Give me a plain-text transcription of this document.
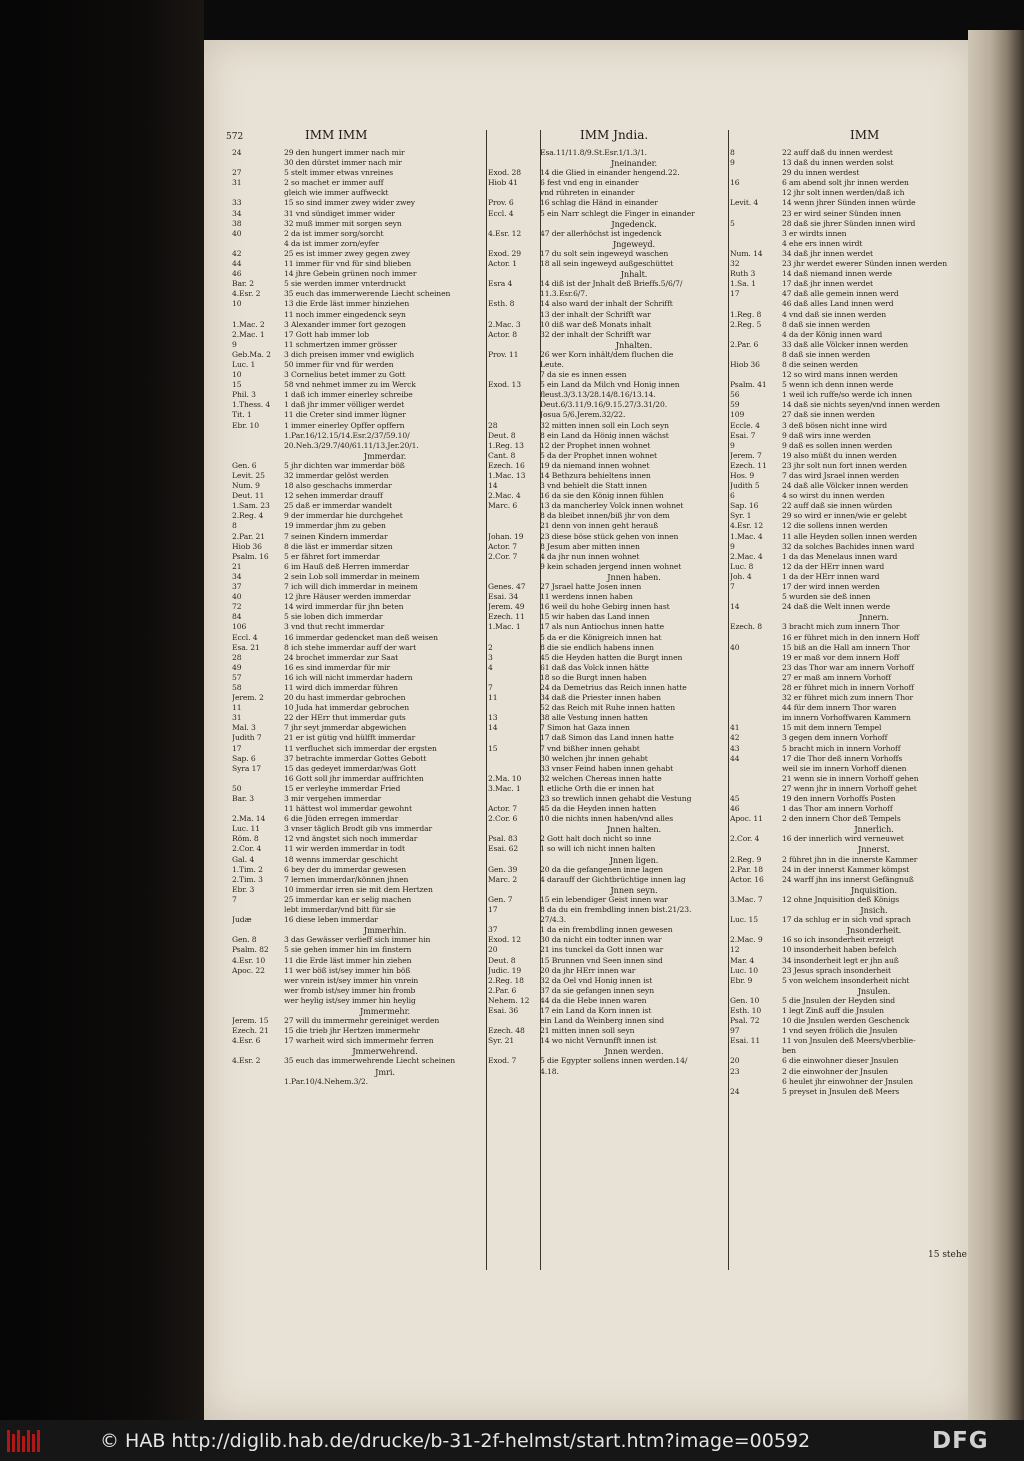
572	IMM IMM	IMM Jndia.	IMM
24	29 den hungert immer nach mir
30 den dürstet immer nach mir
27	5 stelt immer etwas vnreines
31	2 so machet er immer auff
gleich wie immer auffweckt
33	15 so sind immer zwey wider zwey
34	31 vnd sündiget immer wider
38	32 muß immer mit sorgen seyn
40	2 da ist immer sorg/sorcht
4 da ist immer zorn/eyfer
42	25 es ist immer zwey gegen zwey
44	11 immer für vnd für sind blieben
46	14 jhre Gebein grünen noch immer
Bar. 2	5 sie werden immer vnterdruckt
4.Esr. 2	35 euch das immerwerende Liecht scheinen
10	13 die Erde läst immer hinziehen
11 noch immer eingedenck seyn
1.Mac. 2	3 Alexander immer fort gezogen
2.Mac. 1	17 Gott hab immer lob
9	11 schmertzen immer grösser
Geb.Ma. 2	3 dich preisen immer vnd ewiglich
Luc. 1	50 immer für vnd für werden
10	3 Cornelius betet immer zu Gott
15	58 vnd nehmet immer zu im Werck
Phil. 3	1 daß ich immer einerley schreibe
1.Thess. 4	1 daß jhr immer völliger werdet
Tit. 1	11 die Creter sind immer lügner
Ebr. 10	1 immer einerley Opffer opffern
1.Par.16/12.15/14.Esr.2/37/59.10/
20.Neh.3/29.7/40/61.11/13.Jer.20/1.
Jmmerdar.
Gen. 6	5 jhr dichten war immerdar böß
Levit. 25	32 immerdar gelöst werden
Num. 9	18 also geschachs immerdar
Deut. 11	12 sehen immerdar drauff
1.Sam. 23	25 daß er immerdar wandelt
2.Reg. 4	9 der immerdar hie durchgehet
8	19 immerdar jhm zu geben
2.Par. 21	7 seinen Kindern immerdar
Hiob 36	8 die läst er immerdar sitzen
Psalm. 16	5 er fähret fort immerdar
21	6 im Hauß deß Herren immerdar
34	2 sein Lob soll immerdar in meinem
37	7 ich will dich immerdar in meinem
40	12 jhre Häuser werden immerdar
72	14 wird immerdar für jhn beten
84	5 sie loben dich immerdar
106	3 vnd thut recht immerdar
Eccl. 4	16 immerdar gedencket man deß weisen
Esa. 21	8 ich stehe immerdar auff der wart
28	24 brochet immerdar zur Saat
49	16 es sind immerdar für mir
57	16 ich will nicht immerdar hadern
58	11 wird dich immerdar führen
Jerem. 2	20 du hast immerdar gebrochen
11	10 Juda hat immerdar gebrochen
31	22 der HErr thut immerdar guts
Mal. 3	7 jhr seyt jmmerdar abgewichen
Judith 7	21 er ist gütig vnd hülfft immerdar
17	11 verfluchet sich immerdar der ergsten
Sap. 6	37 betrachte immerdar Gottes Gebott
Syra 17	15 das gedeyet immerdar/was Gott
16 Gott soll jhr immerdar auffrichten
50	15 er verleyhe immerdar Fried
Bar. 3	3 mir vergehen immerdar
11 hättest wol immerdar gewohnt
2.Ma. 14	6 die Jüden erregen immerdar
Luc. 11	3 vnser täglich Brodt gib vns immerdar
Röm. 8	12 vnd ängstet sich noch immerdar
2.Cor. 4	11 wir werden immerdar in todt
Gal. 4	18 wenns immerdar geschicht
1.Tim. 2	6 bey der du immerdar gewesen
2.Tim. 3	7 lernen immerdar/können jhnen
Ebr. 3	10 immerdar irren sie mit dem Hertzen
7	25 immerdar kan er selig machen
lebt immerdar/vnd bitt für sie
Judæ	16 diese leben immerdar
Jmmerhin.
Gen. 8	3 das Gewässer verlieff sich immer hin
Psalm. 82	5 sie gehen immer hin im finstern
4.Esr. 10	11 die Erde läst immer hin ziehen
Apoc. 22	11 wer böß ist/sey immer hin böß
wer vnrein ist/sey immer hin vnrein
wer fromb ist/sey immer hin fromb
wer heylig ist/sey immer hin heylig
Jmmermehr.
Jerem. 15	27 will du immermehr gereiniget werden
Ezech. 21	15 die trieb jhr Hertzen immermehr
4.Esr. 6	17 warheit wird sich immermehr ferren
Jmmerwehrend.
4.Esr. 2	35 euch das immerwehrende Liecht scheinen
Jmri.
1.Par.10/4.Nehem.3/2.
Esa.11/11.8/9.St.Esr.1/1.3/1.
Jneinander.
Exod. 28	14 die Glied in einander hengend.22.
Hiob 41	6 fest vnd eng in einander
vnd rühreten in einander
Prov. 6	16 schlag die Händ in einander
Eccl. 4	5 ein Narr schlegt die Finger in einander
Jngedenck.
4.Esr. 12	47 der allerhöchst ist ingedenck
Jngeweyd.
Exod. 29	17 du solt sein ingeweyd waschen
Actor. 1	18 all sein ingeweyd außgeschüttet
Jnhalt.
Esra 4	14 diß ist der Jnhalt deß Brieffs.5/6/7/
11.3.Esr.6/7.
Esth. 8	14 also ward der inhalt der Schrifft
13 der inhalt der Schrifft war
2.Mac. 3	10 diß war deß Monats inhalt
Actor. 8	32 der inhalt der Schrifft war
Jnhalten.
Prov. 11	26 wer Korn inhält/dem fluchen die
Leute.
7 da sie es innen essen
Exod. 13	5 ein Land da Milch vnd Honig innen
fleust.3/3.13/28.14/8.16/13.14.
Deut.6/3.11/9.16/9.15.27/3.31/20.
Josua 5/6.Jerem.32/22.
28	32 mitten innen soll ein Loch seyn
Deut. 8	8 ein Land da Hönig innen wächst
1.Reg. 13	12 der Prophet innen wohnet
Cant. 8	5 da der Prophet innen wohnet
Ezech. 16	19 da niemand innen wohnet
1.Mac. 13	14 Bethzura behieltens innen
14	3 vnd behielt die Statt innen
2.Mac. 4	16 da sie den König innen fühlen
Marc. 6	13 da mancherley Volck innen wohnet
8 da bleibet innen/biß jhr von dem
21 denn von innen geht herauß
Johan. 19	23 diese böse stück gehen von innen
Actor. 7	8 Jesum aber mitten innen
2.Cor. 7	4 da jhr nun innen wohnet
9 kein schaden jergend innen wohnet
Jnnen haben.
Genes. 47	27 Jsrael hatte Josen innen
Esai. 34	11 werdens innen haben
Jerem. 49	16 weil du hohe Gebirg innen hast
Ezech. 11	15 wir haben das Land innen
1.Mac. 1	17 als nun Antiochus innen hatte
5 da er die Königreich innen hat
2	8 die sie endlich habens innen
3	45 die Heyden hatten die Burgt innen
4	61 daß das Volck innen hätte
18 so die Burgt innen haben
7	24 da Demetrius das Reich innen hatte
11	34 daß die Priester innen haben
52 das Reich mit Ruhe innen hatten
13	38 alle Vestung innen hatten
14	7 Simon hat Gaza innen
17 daß Simon das Land innen hatte
15	7 vnd bißher innen gehabt
30 welchen jhr innen gehabt
33 vnser Feind haben innen gehabt
2.Ma. 10	32 welchen Chereas innen hatte
3.Mac. 1	1 etliche Orth die er innen hat
23 so trewlich innen gehabt die Vestung
Actor. 7	45 da die Heyden innen hatten
2.Cor. 6	10 die nichts innen haben/vnd alles
Jnnen halten.
Psal. 83	2 Gott halt doch nicht so inne
Esai. 62	1 so will ich nicht innen halten
Jnnen ligen.
Gen. 39	20 da die gefangenen inne lagen
Marc. 2	4 darauff der Gichtbrüchtige innen lag
Jnnen seyn.
Gen. 7	15 ein lebendiger Geist innen war
17	8 da du ein frembdling innen bist.21/23.
27/4.3.
37	1 da ein frembdling innen gewesen
Exod. 12	30 da nicht ein todter innen war
20	21 ins tunckel da Gott innen war
Deut. 8	15 Brunnen vnd Seen innen sind
Judic. 19	20 da jhr HErr innen war
2.Reg. 18	32 da Oel vnd Honig innen ist
2.Par. 6	37 da sie gefangen innen seyn
Nehem. 12	44 da die Hebe innen waren
Esai. 36	17 ein Land da Korn innen ist
ein Land da Weinberg innen sind
Ezech. 48	21 mitten innen soll seyn
Syr. 21	14 wo nicht Vernunfft innen ist
Jnnen werden.
Exod. 7	5 die Egypter sollens innen werden.14/
4.18.
8	22 auff daß du innen werdest
9	13 daß du innen werden solst
29 du innen werdest
16	6 am abend solt jhr innen werden
12 jhr solt innen werden/daß ich
Levit. 4	14 wenn jhrer Sünden innen würde
23 er wird seiner Sünden innen
5	28 daß sie jhrer Sünden innen wird
3 er wirdts innen
4 ehe ers innen wirdt
Num. 14	34 daß jhr innen werdet
32	23 jhr werdet ewerer Sünden innen werden
Ruth 3	14 daß niemand innen werde
1.Sa. 1	17 daß jhr innen werdet
17	47 daß alle gemein innen werd
46 daß alles Land innen werd
1.Reg. 8	4 vnd daß sie innen werden
2.Reg. 5	8 daß sie innen werden
4 da der König innen ward
2.Par. 6	33 daß alle Völcker innen werden
8 daß sie innen werden
Hiob 36	8 die seinen werden
12 so wird mans innen werden
Psalm. 41	5 wenn ich denn innen werde
56	1 weil ich ruffe/so werde ich innen
59	14 daß sie nichts seyen/vnd innen werden
109	27 daß sie innen werden
Eccle. 4	3 deß bösen nicht inne wird
Esai. 7	9 daß wirs inne werden
9	9 daß es sollen innen werden
Jerem. 7	19 also müßt du innen werden
Ezech. 11	23 jhr solt nun fort innen werden
Hos. 9	7 das wird Jsrael innen werden
Judith 5	24 daß alle Völcker innen werden
6	4 so wirst du innen werden
Sap. 16	22 auff daß sie innen würden
Syr. 1	29 so wird er innen/wie er gelebt
4.Esr. 12	12 die sollens innen werden
1.Mac. 4	11 alle Heyden sollen innen werden
9	32 da solches Bachides innen ward
2.Mac. 4	1 da das Menelaus innen ward
Luc. 8	12 da der HErr innen ward
Joh. 4	1 da der HErr innen ward
7	17 der wird innen werden
5 wurden sie deß innen
14	24 daß die Welt innen werde
Jnnern.
Ezech. 8	3 bracht mich zum innern Thor
16 er führet mich in den innern Hoff
40	15 biß an die Hall am innern Thor
19 er maß vor dem innern Hoff
23 das Thor war am innern Vorhoff
27 er maß am innern Vorhoff
28 er führet mich in innern Vorhoff
32 er führet mich zum innern Thor
44 für dem innern Thor waren
im innern Vorhoffwaren Kammern
41	15 mit dem innern Tempel
42	3 gegen dem innern Vorhoff
43	5 bracht mich in innern Vorhoff
44	17 die Thor deß innern Vorhoffs
weil sie im innern Vorhoff dienen
21 wenn sie in innern Vorhoff gehen
27 wenn jhr in innern Vorhoff gehet
45	19 den innern Vorhoffs Posten
46	1 das Thor am innern Vorhoff
Apoc. 11	2 den innern Chor deß Tempels
Jnnerlich.
2.Cor. 4	16 der innerlich wird verneuwet
Jnnerst.
2.Reg. 9	2 führet jhn in die innerste Kammer
2.Par. 18	24 in der innerst Kammer kömpst
Actor. 16	24 warff jhn ins innerst Gefängnuß
Jnquisition.
3.Mac. 7	12 ohne Jnquisition deß Königs
Jnsich.
Luc. 15	17 da schlug er in sich vnd sprach
Jnsonderheit.
2.Mac. 9	16 so ich insonderheit erzeigt
12	10 insonderheit haben befelch
Mar. 4	34 insonderheit legt er jhn auß
Luc. 10	23 Jesus sprach insonderheit
Ebr. 9	5 von welchem insonderheit nicht
Jnsulen.
Gen. 10	5 die Jnsulen der Heyden sind
Esth. 10	1 legt Zinß auff die Jnsulen
Psal. 72	10 die Jnsulen werden Geschenck
97	1 vnd seyen frölich die Jnsulen
Esai. 11	11 von Jnsulen deß Meers/vberblie-
ben
20	6 die einwohner dieser Jnsulen
23	2 die einwohner der Jnsulen
6 heulet jhr einwohner der Jnsulen
24	5 preyset in Jnsulen deß Meers
15 stehe
© HAB http://diglib.hab.de/drucke/b-31-2f-helmst/start.htm?image=00592	DFG
